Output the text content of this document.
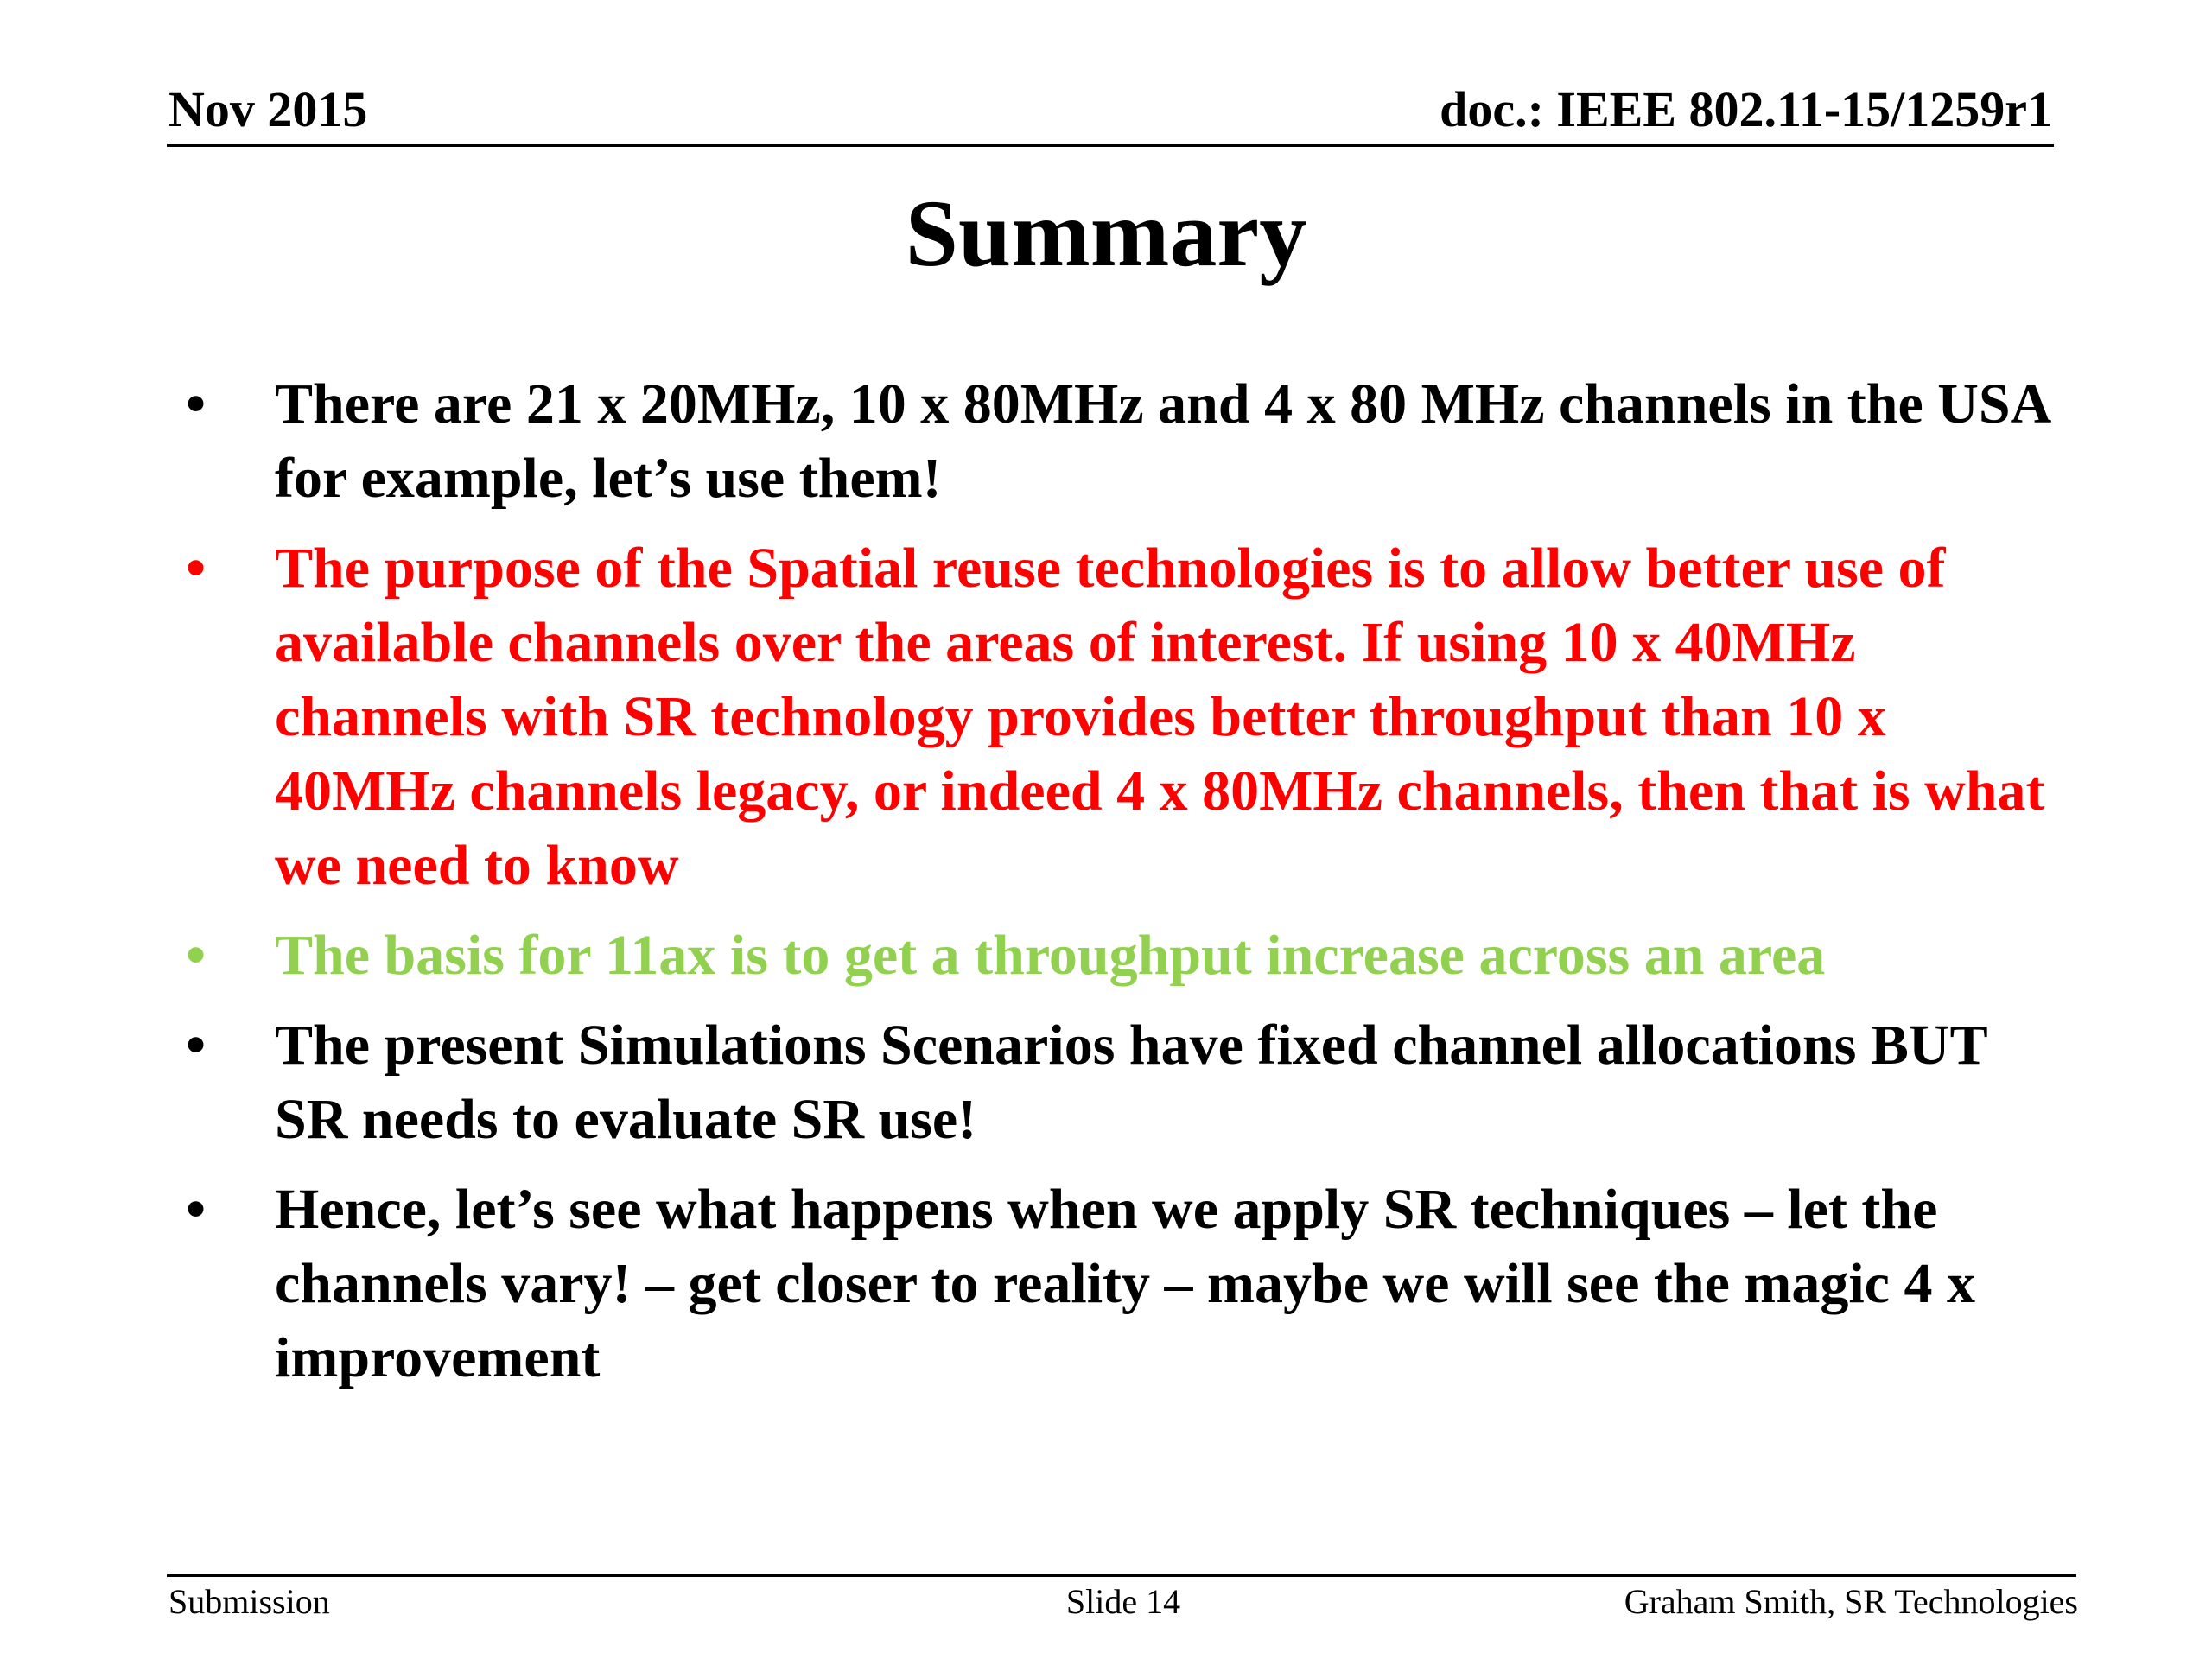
Nov 2015	doc.: IEEE 802.11-15/1259r1
Summary
• There are 21 x 20MHz, 10 x 80MHz and 4 x 80 MHz channels in the USA for example, let’s use them!
• The purpose of the Spatial reuse technologies is to allow better use of available channels over the areas of interest. If using 10 x 40MHz channels with SR technology provides better throughput than 10 x 40MHz channels legacy, or indeed 4 x 80MHz channels, then that is what we need to know
• The basis for 11ax is to get a throughput increase across an area
• The present Simulations Scenarios have fixed channel allocations BUT SR needs to evaluate SR use!
• Hence, let’s see what happens when we apply SR techniques – let the channels vary! – get closer to reality – maybe we will see the magic 4 x improvement
Submission	Slide 14	Graham Smith, SR Technologies
